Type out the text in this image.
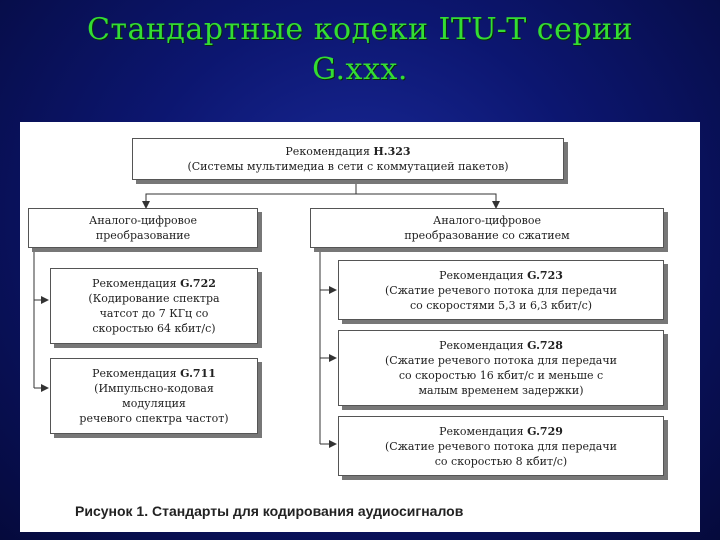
Стандартные кодеки ITU-T серии
G.xxx.
Рекомендация H.323
(Системы мультимедиа в сети с коммутацией пакетов)
Аналого-цифровое
преобразование
Аналого-цифровое
преобразование со сжатием
Рекомендация G.722
(Кодирование спектра
чатсот до 7 КГц со
скоростью 64 кбит/с)
Рекомендация G.711
(Импульсно-кодовая
модуляция
речевого спектра частот)
Рекомендация G.723
(Сжатие речевого потока для передачи
со скоростями 5,3 и 6,3 кбит/с)
Рекомендация G.728
(Сжатие речевого потока для передачи
со скоростью 16 кбит/с и меньше с
малым временем задержки)
Рекомендация G.729
(Сжатие речевого потока для передачи
со скоростью 8 кбит/с)
Рисунок 1. Стандарты для кодирования аудиосигналов
